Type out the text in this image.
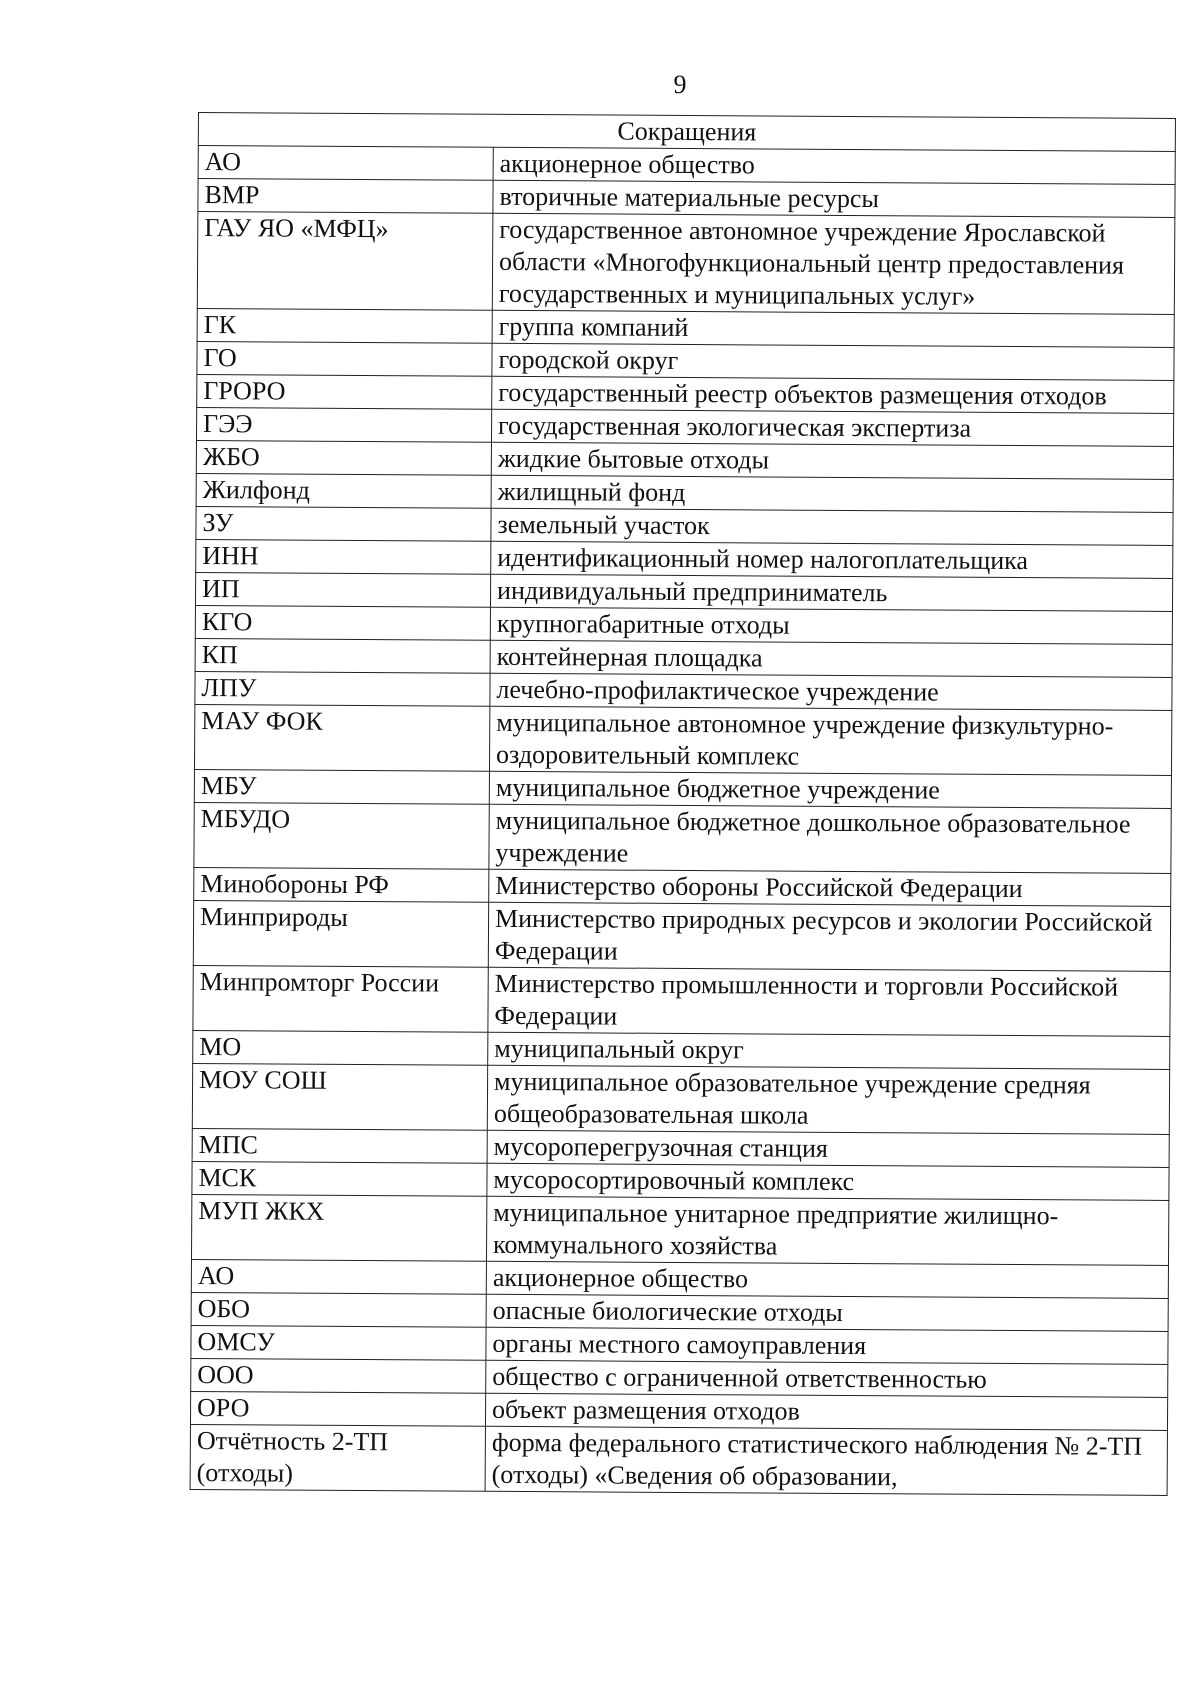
9
Сокращения	

АО	акционерное общество

ВМР	вторичные материальные ресурсы

ГАУ ЯО «МФЦ»	государственное автономное учреждение Ярославской области «Многофункциональный центр предоставления государственных и муниципальных услуг»

ГК	группа компаний

ГО	городской округ

ГРОРО	государственный реестр объектов размещения отходов

ГЭЭ	государственная экологическая экспертиза

ЖБО	жидкие бытовые отходы

Жилфонд	жилищный фонд

ЗУ	земельный участок

ИНН	идентификационный номер налогоплательщика

ИП	индивидуальный предприниматель

КГО	крупногабаритные отходы

КП	контейнерная площадка

ЛПУ	лечебно-профилактическое учреждение

МАУ ФОК	муниципальное автономное учреждение физкультурно-оздоровительный комплекс

МБУ	муниципальное бюджетное учреждение

МБУДО	муниципальное бюджетное дошкольное образовательное учреждение

Минобороны РФ	Министерство обороны Российской Федерации

Минприроды	Министерство природных ресурсов и экологии Российской Федерации

Минпромторг России	Министерство промышленности и торговли Российской Федерации

МО	муниципальный округ

МОУ СОШ	муниципальное образовательное учреждение средняя общеобразовательная школа

МПС	мусороперегрузочная станция

МСК	мусоросортировочный комплекс

МУП ЖКХ	муниципальное унитарное предприятие жилищно-коммунального хозяйства

АО	акционерное общество

ОБО	опасные биологические отходы

ОМСУ	органы местного самоуправления

ООО	общество с ограниченной ответственностью

ОРО	объект размещения отходов

Отчётность 2-ТП (отходы)	форма федерального статистического наблюдения № 2-ТП (отходы) «Сведения об образовании,
